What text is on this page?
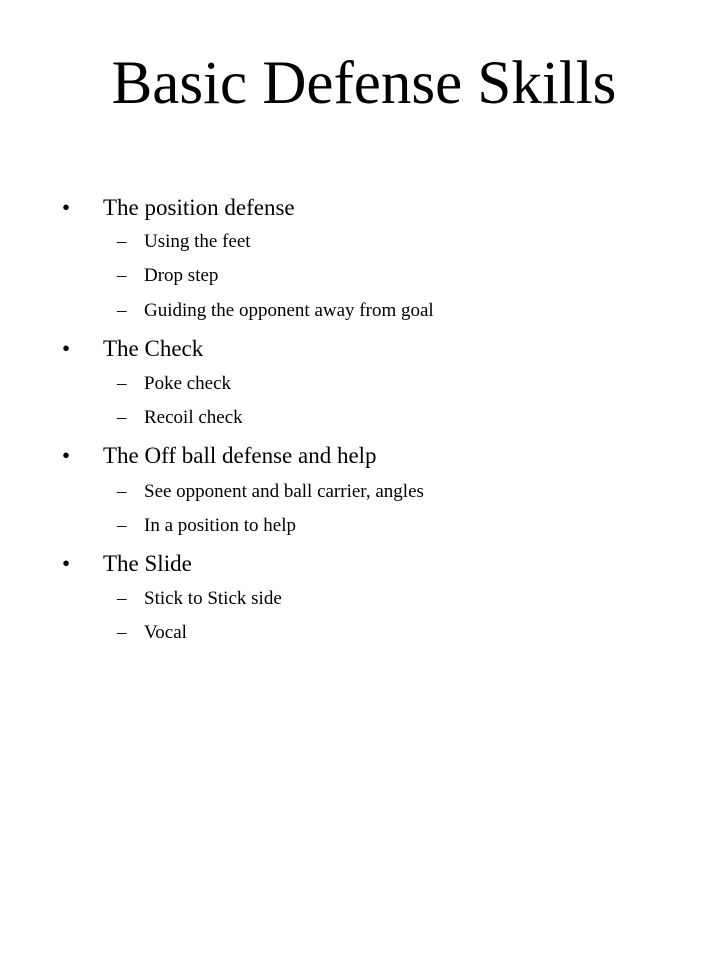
Basic Defense Skills
• The position defense
– Using the feet
– Drop step
– Guiding the opponent away from goal
• The Check
– Poke check
– Recoil check
• The Off ball defense and help
– See opponent and ball carrier, angles
– In a position to help
• The Slide
– Stick to Stick side
– Vocal
